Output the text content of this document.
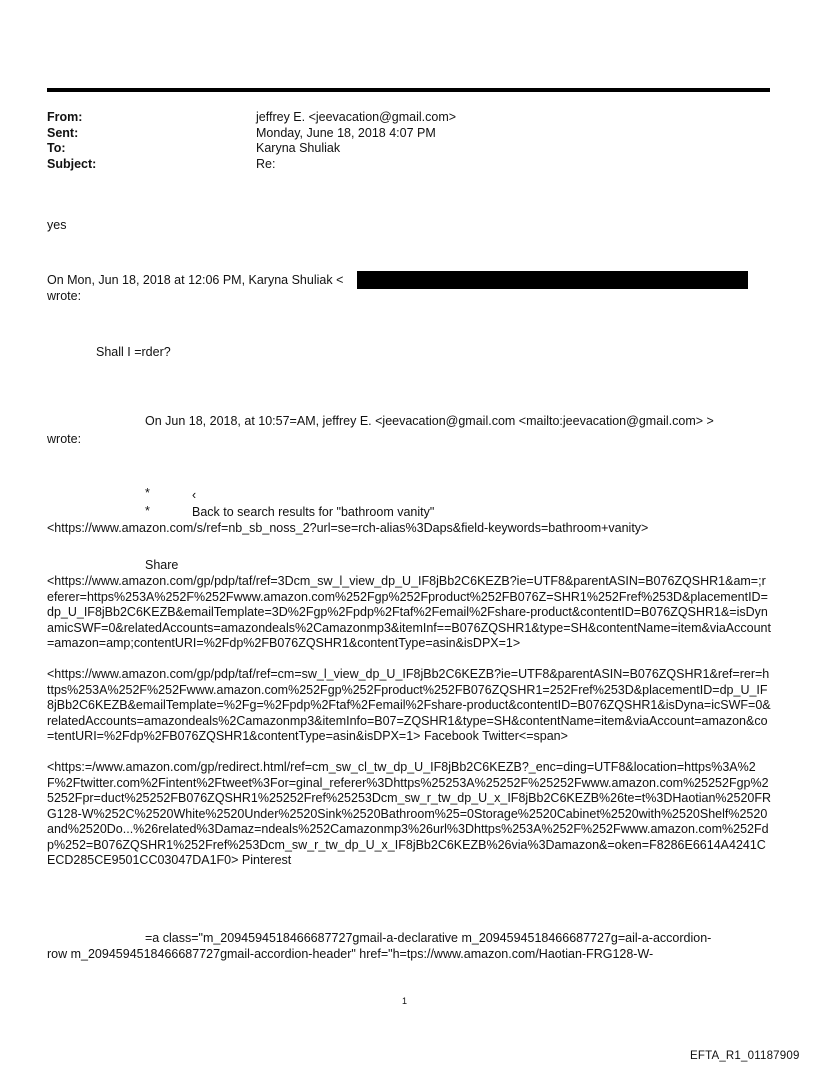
From:	jeffrey E. <jeevacation@gmail.com>
Sent:	Monday, June 18, 2018 4:07 PM
To:	Karyna Shuliak
Subject:	Re:
yes
On Mon, Jun 18, 2018 at 12:06 PM, Karyna Shuliak <
wrote:
Shall I =rder?
On Jun 18, 2018, at 10:57=AM, jeffrey E. <jeevacation@gmail.com <mailto:jeevacation@gmail.com> >
wrote:
*	‹
*	Back to search results for "bathroom vanity"
<https://www.amazon.com/s/ref=nb_sb_noss_2?url=se=rch-alias%3Daps&field-keywords=bathroom+vanity>
Share
<https://www.amazon.com/gp/pdp/taf/ref=3Dcm_sw_l_view_dp_U_IF8jBb2C6KEZB?ie=UTF8&parentASIN=B076ZQSHR1&am=;referer=https%253A%252F%252Fwww.amazon.com%252Fgp%252Fproduct%252FB076Z=SHR1%252Fref%253D&placementID=dp_U_IF8jBb2C6KEZB&emailTemplate=3D%2Fgp%2Fpdp%2Ftaf%2Femail%2Fshare-product&contentID=B076ZQSHR1&=isDynamicSWF=0&relatedAccounts=amazondeals%2Camazonmp3&itemInf==B076ZQSHR1&type=SH&contentName=item&viaAccount=amazon=amp;contentURI=%2Fdp%2FB076ZQSHR1&contentType=asin&isDPX=1>
<https://www.amazon.com/gp/pdp/taf/ref=cm=sw_l_view_dp_U_IF8jBb2C6KEZB?ie=UTF8&parentASIN=B076ZQSHR1&ref=rer=https%253A%252F%252Fwww.amazon.com%252Fgp%252Fproduct%252FB076ZQSHR1=252Fref%253D&placementID=dp_U_IF8jBb2C6KEZB&emailTemplate=%2Fg=%2Fpdp%2Ftaf%2Femail%2Fshare-product&contentID=B076ZQSHR1&isDyna=icSWF=0&relatedAccounts=amazondeals%2Camazonmp3&itemInfo=B07=ZQSHR1&type=SH&contentName=item&viaAccount=amazon&co=tentURI=%2Fdp%2FB076ZQSHR1&contentType=asin&isDPX=1> Facebook Twitter<=span>
<https:=/www.amazon.com/gp/redirect.html/ref=cm_sw_cl_tw_dp_U_IF8jBb2C6KEZB?_enc=ding=UTF8&location=https%3A%2F%2Ftwitter.com%2Fintent%2Ftweet%3For=ginal_referer%3Dhttps%25253A%25252F%25252Fwww.amazon.com%25252Fgp%25252Fpr=duct%25252FB076ZQSHR1%25252Fref%25253Dcm_sw_r_tw_dp_U_x_IF8jBb2C6KEZB%26te=t%3DHaotian%2520FRG128-W%252C%2520White%2520Under%2520Sink%2520Bathroom%25=0Storage%2520Cabinet%2520with%2520Shelf%2520and%2520Do...%26related%3Damaz=ndeals%252Camazonmp3%26url%3Dhttps%253A%252F%252Fwww.amazon.com%252Fdp%252=B076ZQSHR1%252Fref%253Dcm_sw_r_tw_dp_U_x_IF8jBb2C6KEZB%26via%3Damazon&=oken=F8286E6614A4241CECD285CE9501CC03047DA1F0> Pinterest
=a class="m_2094594518466687727gmail-a-declarative m_2094594518466687727g=ail-a-accordion-
row m_2094594518466687727gmail-accordion-header" href="h=tps://www.amazon.com/Haotian-FRG128-W-
1
EFTA_R1_01187909
